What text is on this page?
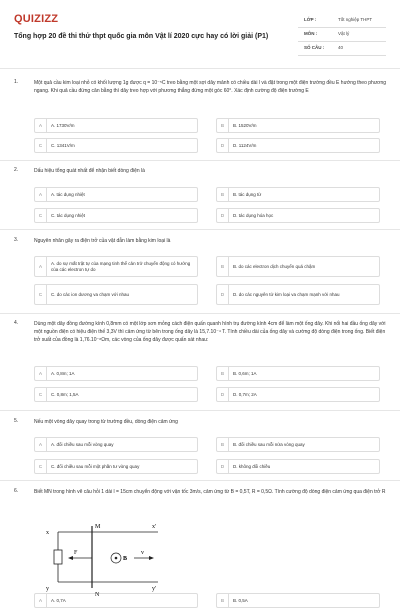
QUIZIZZ
Tổng hợp 20 đề thi thử thpt quốc gia môn Vật lí 2020 cực hay có lời giải (P1)
LỚP :	Tốt nghiệp THPT
MÔN :	Vật lý
SỐ CÂU :	40
1.	Một quả cầu kim loại nhỏ có khối lượng 1g được q = 10⁻⁵C treo bằng một sợi dây mảnh có chiều dài l và đặt trong một điện trường đều E hướng theo phương ngang. Khi quả cầu đứng cân bằng thì dây treo hợp với phương thẳng đứng một góc 60°. Xác định cường độ điện trường E
A	A. 1730V/m	B	B. 1520V/m
C	C. 1341V/m	D	D. 1124V/m
2.	Dấu hiệu tổng quát nhất để nhận biết dòng điện là
A	A. tác dụng nhiệt	B	B. tác dụng từ
C	C. tác dụng nhiệt	D	D. tác dụng hóa học
3.	Nguyên nhân gây ra điện trở của vật dẫn làm bằng kim loại là
A
A. do sự mất trật tự của mạng tinh thể cản trở chuyển động có hướng của các electron tự do	B	B. do các electron dịch chuyển quá chậm
C	C. do các ion dương va chạm với nhau	D	D. do các nguyên tử kim loại va chạm mạnh với nhau
4.	Dùng một dây đồng đường kính 0,8mm có một lớp sơn mỏng cách điện quấn quanh hình trụ đường kính 4cm để làm một ống dây. Khi nối hai đầu ống dây với một nguồn điện có hiệu điện thế 3,3V thì cảm ứng từ bên trong ống dây là 15,7.10⁻⁴ T. Tính chiều dài của ống dây và cường độ dòng điện trong ống. Biết điện trở suất của đồng là 1,76.10⁻⁸Ωm, các vòng của ống dây được quấn sát nhau:
A	A. 0,8m; 1A	B	B. 0,6m; 1A
C	C. 0,8m; 1,5A	D	D. 0,7m; 2A
5.	Nếu một vòng dây quay trong từ trường đều, dòng điện cảm ứng
A	A. đổi chiều sau mỗi vòng quay	B	B. đổi chiều sau mỗi nửa vòng quay
C	C. đổi chiều sau mỗi một phần tư vòng quay	D	D. không đổi chiều
6.	Biết MN trong hình vẽ câu hỏi 1 dài l = 15cm chuyển động với vận tốc 3m/s, cảm ứng từ B = 0,5T, R = 0,5Ω. Tính cường độ dòng điện cảm ứng qua điện trở R
A	A. 0,7A	B	B. 0,5A
M
N
x
y
x'
y'
F
B
v
